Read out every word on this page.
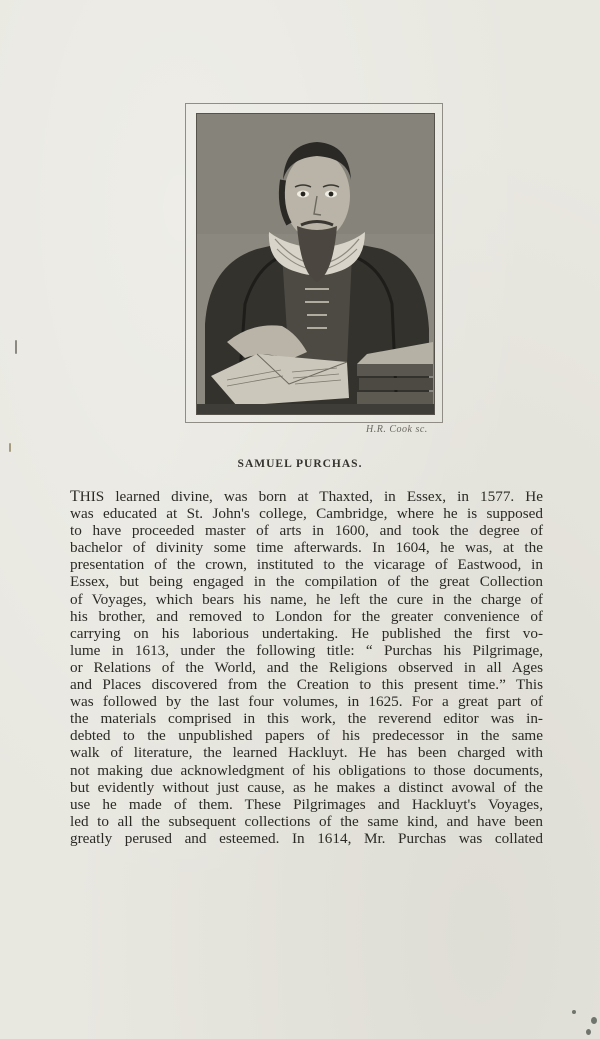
H.R. Cook sc.
SAMUEL PURCHAS.
THIS learned divine, was born at Thaxted, in Essex, in 1577. He
was educated at St. John's college, Cambridge, where he is supposed
to have proceeded master of arts in 1600, and took the degree of
bachelor of divinity some time afterwards. In 1604, he was, at the
presentation of the crown, instituted to the vicarage of Eastwood, in
Essex, but being engaged in the compilation of the great Collection
of Voyages, which bears his name, he left the cure in the charge of
his brother, and removed to London for the greater convenience of
carrying on his laborious undertaking. He published the first vo-
lume in 1613, under the following title: “ Purchas his Pilgrimage,
or Relations of the World, and the Religions observed in all Ages
and Places discovered from the Creation to this present time.” This
was followed by the last four volumes, in 1625. For a great part of
the materials comprised in this work, the reverend editor was in-
debted to the unpublished papers of his predecessor in the same
walk of literature, the learned Hackluyt. He has been charged with
not making due acknowledgment of his obligations to those documents,
but evidently without just cause, as he makes a distinct avowal of the
use he made of them. These Pilgrimages and Hackluyt's Voyages,
led to all the subsequent collections of the same kind, and have been
greatly perused and esteemed. In 1614, Mr. Purchas was collated
